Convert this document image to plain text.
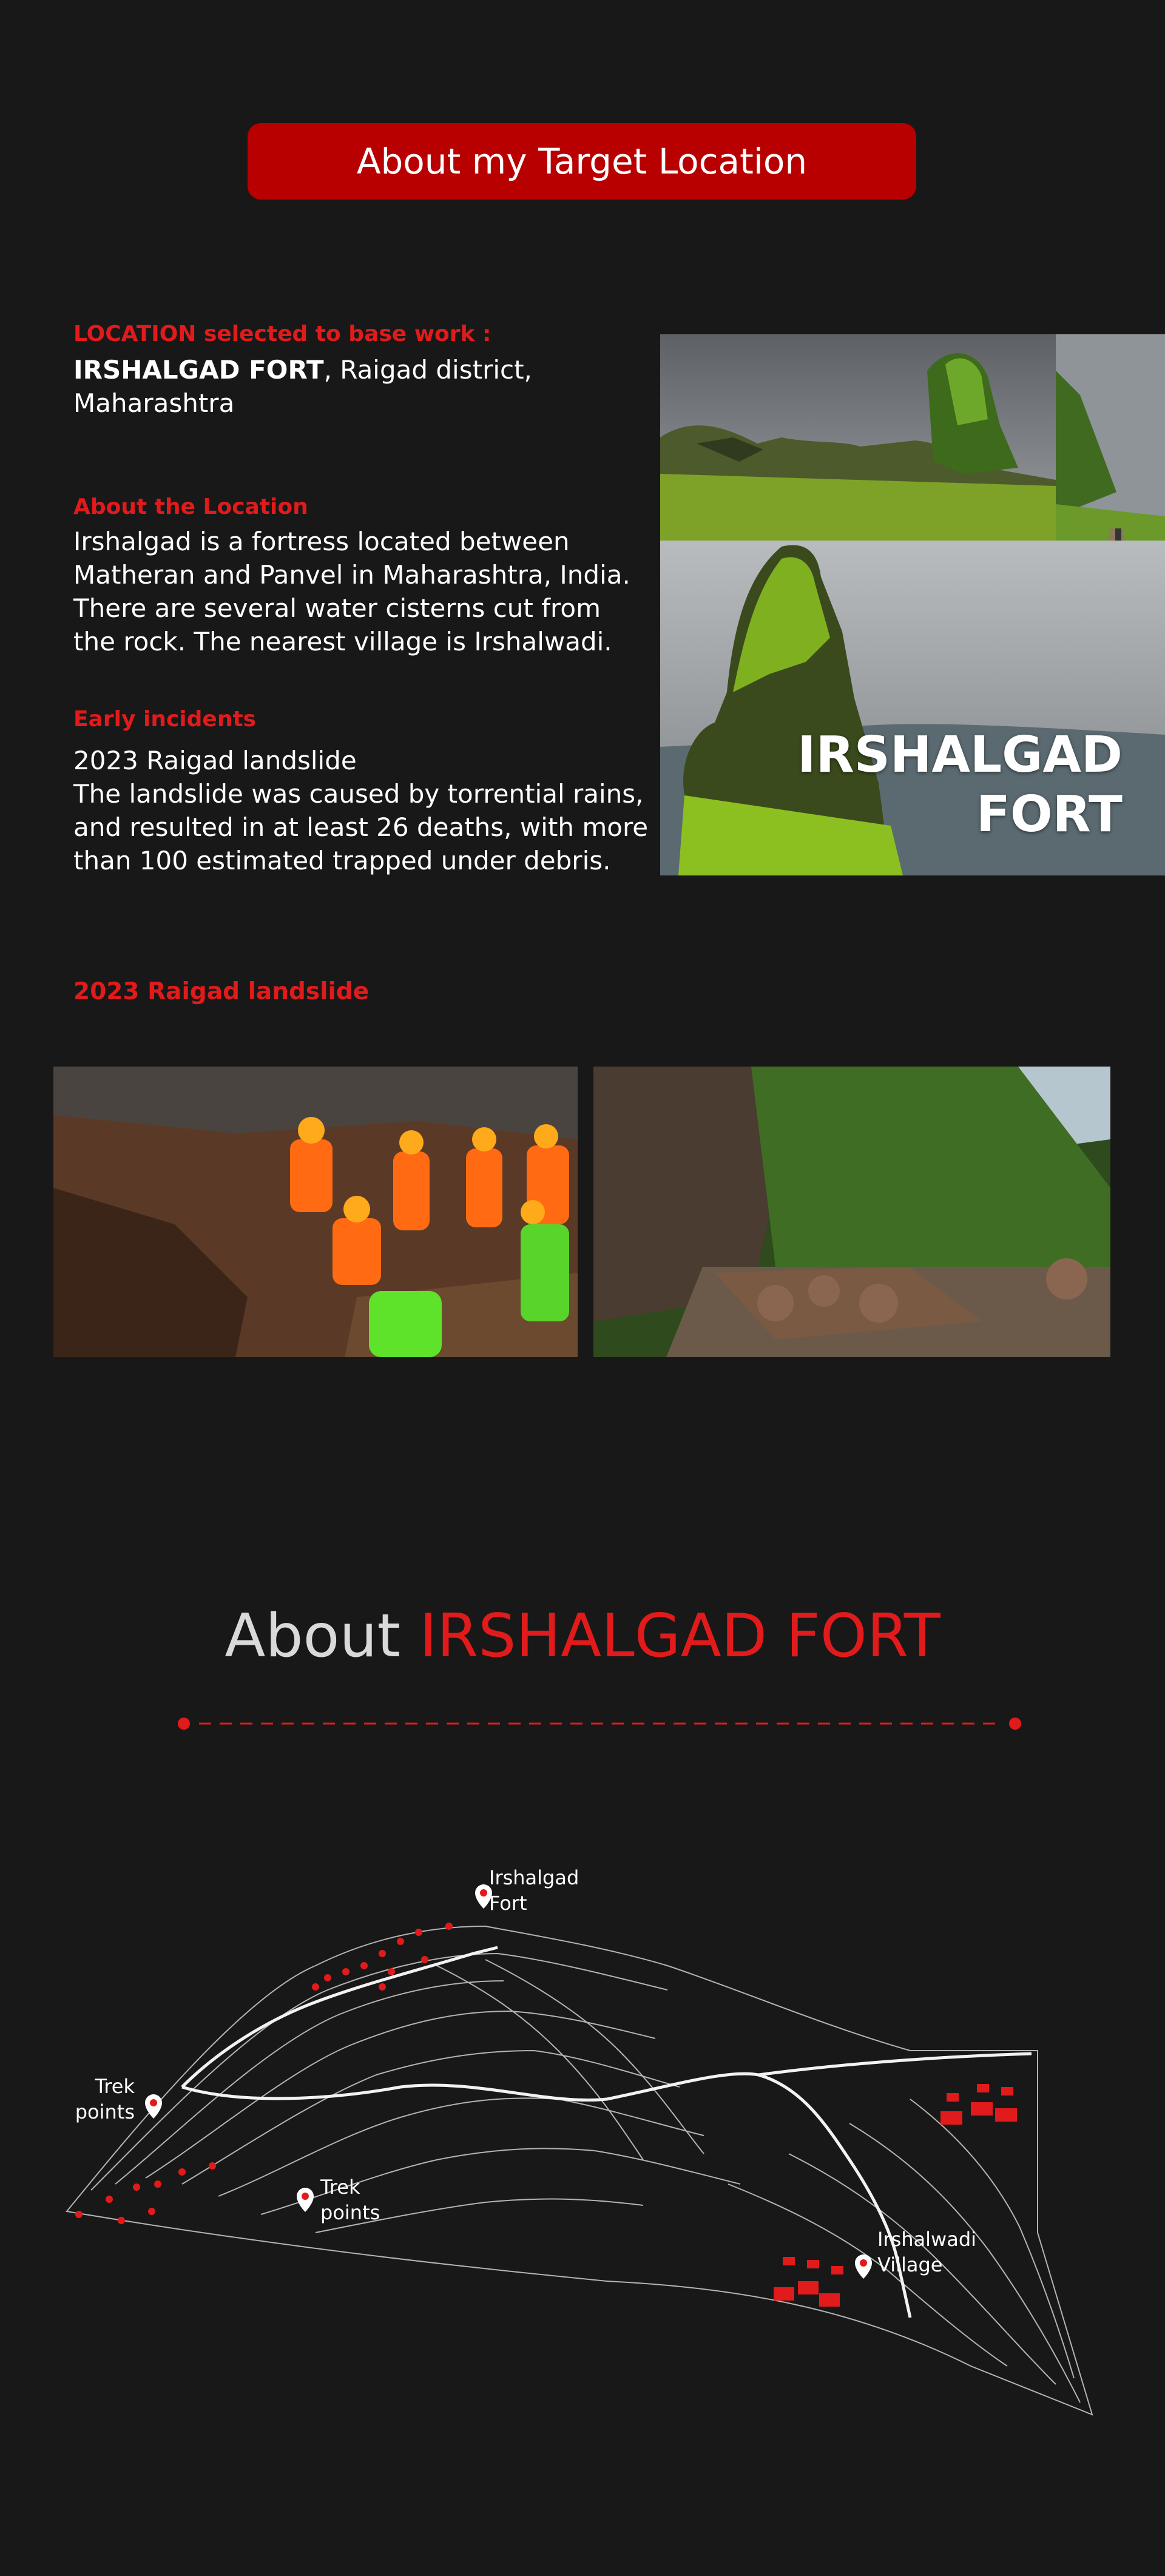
About my Target Location
LOCATION selected to base work :
IRSHALGAD FORT, Raigad district,
Maharashtra
About the Location
Irshalgad is a fortress located between
Matheran and Panvel in Maharashtra, India.
There are several water cisterns cut from
the rock. The nearest village is Irshalwadi.
Early incidents
2023 Raigad landslide
The landslide was caused by torrential rains,
and resulted in at least 26 deaths, with more
than 100 estimated trapped under debris.
IRSHALGAD
FORT
2023 Raigad landslide
About IRSHALGAD FORT
Irshalgad
Fort
Trek
points
Trek
points
Irshalwadi
Village
